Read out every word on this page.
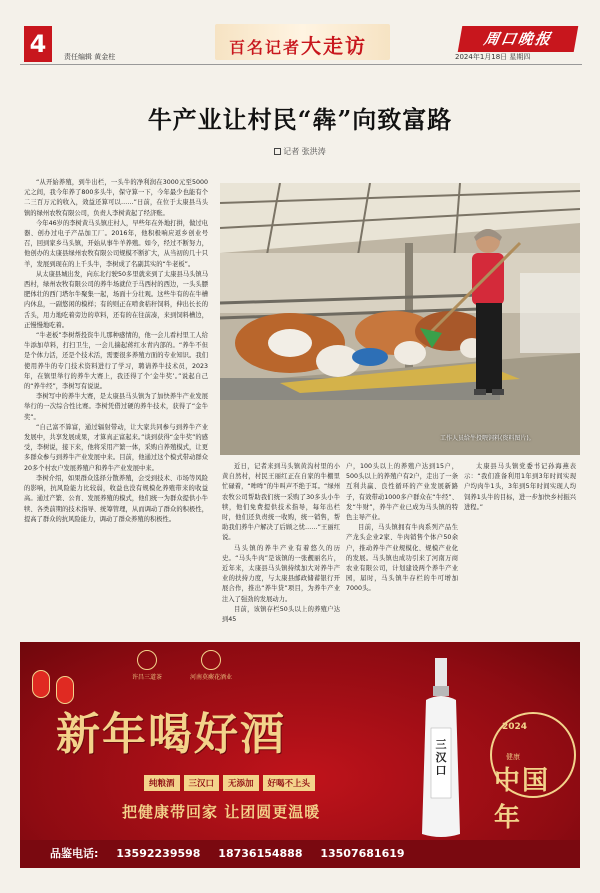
4	责任编辑 黄金柱	百名记者大走访	周口晚报
2024年1月18日 星期四
牛产业让村民“犇”向致富路
记者 张洪涛

“从开始养殖，到牛出栏，一头牛的净利润在3000元至5000元之间，我今年养了800多头牛，保守算一下，今年最少也能有个二三百万元的收入，效益还算可以……”日前，在位于太康县马头镇的绿州农牧有限公司，负责人李树黄起了经济账。

今年46岁的李树黄马头镇庄村人，早些年在外地打拼，做过电器、创办过电子产品加工厂。2016年，他积极响应返乡创业号召，回到家乡马头镇，开始从事牛羊养殖。如今，经过不断努力，他创办的太康县绿州农牧有限公司规模不断扩大，从当初的几十只羊，发展到现在的上千头牛，李树成了名副其实的“牛老板”。

从太康县城出发，向东北行驶50多里就来到了太康县马头镇马西村，绿州农牧有限公司的养牛场就位于马西村的西边，一头头膘肥体壮的西门塔尔牛聚集一起，场面十分壮观。这些牛有的在牛槽内休息，一副悠闲的模样；有的则正在啃食秸秆饲料，伸出长长的舌头，用力地吃着旁边的草料，还有的在往前凑，来到饲料槽边，正慢慢地吃着。

“牛老板”李树帮投资牛儿那种感情的，他一会儿看村里工人给牛添加草料，打扫卫生，一会儿揣起蒋红水青内部的。“养牛不但是个体力活，还是个技术活，需要很多养殖方面的专业知识。我们使用养牛的专门技术资料进行了学习，聘请养牛技术员，2023年，在镇里举行的养牛大赛上，我还得了个‘金牛奖’。”说起自己的“养牛经”，李树写有说说。

李树写中的养牛大赛，是太康县马头镇为了加快养牛产业发展举行的一次综合性比赛。李树凭借过硬的养牛技术，获得了“金牛奖”。

“自己富不算富，通过辐射带动，让大家共同参与到养牛产业发展中，共享发展成果，才算真正富起来。”谈到获得“金牛奖”的感受，李树说，接下来，他将采用产繁一体，采购自养殖模式，让更多群众参与到养牛产业发展中来。目前，他通过这个模式带动群众20多个村农户发展养殖户和养牛产业发展中来。

李树介绍，如果群众选择分散养殖，会受到技术、市场等风险的影响，抗风险能力比较弱，收益也没有规模化养殖带来的收益高。通过产繁、公育、发展养殖的模式，他们统一为群众提供小牛犊、各类前期的技术指导、统筹管理，从而调动了群众的积极性，提高了群众的抗风险能力，调动了群众养殖的积极性。

工作人员给牛投喂饲料(资料图片)。

近日，记者来到马头镇黄沟村里的小黄自然村，村民王丽红正在自家的牛棚里忙碌着，“哞哞”的牛叫声不绝于耳。“绿州农牧公司帮助我们统一采购了30多头小牛犊，他们免费提供技术指导，每年出栏时，他们还负责统一收购，统一销售，帮助我们养牛户解决了后顾之忧……”王丽红说。

马头镇的养牛产业有着悠久的历史。“马头牛肉”是该镇的一张靓丽名片，近年来，太康县马头镇持续加大对养牛产业的扶持力度，与太康县邮政储蓄银行开展合作，推出“养牛贷”项目，为养牛产业注入了强劲的发展动力。

目前，该镇存栏50头以上的养殖户达到45

户，100头以上的养殖户达到15户，500头以上的养殖户有2户，走出了一条互利共赢、良性循环的产业发展新路子，有效带动1000多户群众在“牛经”、发“牛财”，养牛产业已成为马头镇的特色主导产业。

目前，马头镇拥有牛肉系列产品生产龙头企业2家、牛肉销售个体户50余户，推动养牛产业规模化、规模产业化的发展。马头镇也成功引来了河南万商农业有限公司，计划建设两个养牛产业园，届时，马头镇牛存栏的牛可增加7000头。

太康县马头镇党委书记孙海燕表示：“我们准备利用1年到3年时间实现户均肉牛1头，3年到5年时间实现人均饲养1头牛的目标，进一步加快乡村振兴进程。”

许昌三道茶	河南莫蕨花酒业
新年喝好酒
纯粮酒	三汉口	无添加	好喝不上头
把健康带回家 让团圆更温暖
三汉口
2024
中国年
健康
品鉴电话: 13592239598 18736154888 13507681619
